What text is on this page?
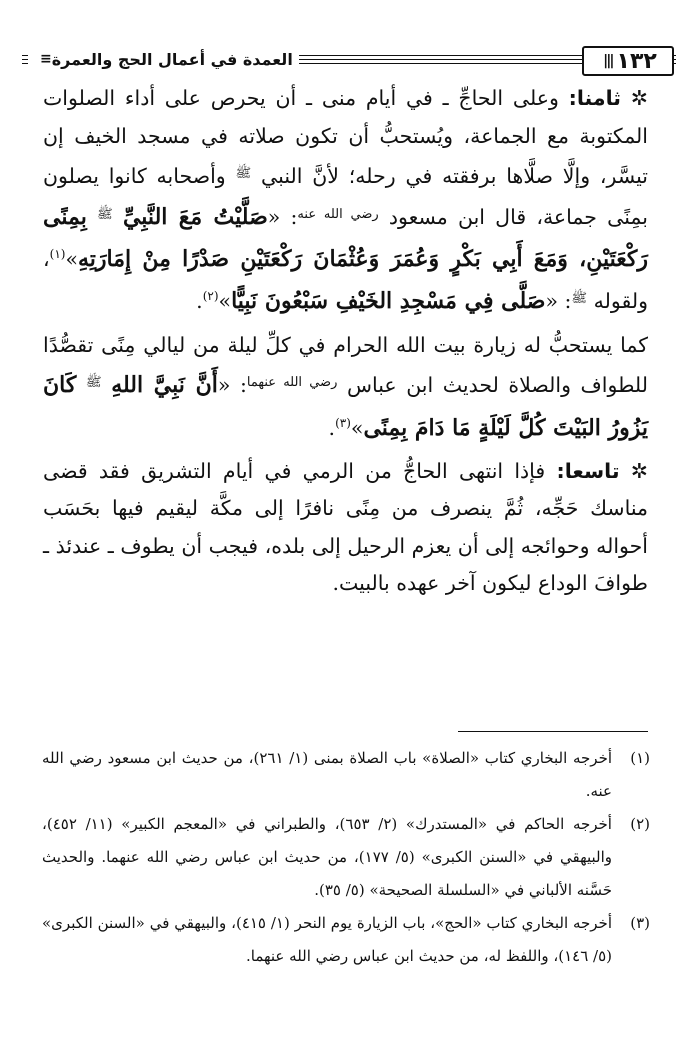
||| ١٣٢
العمدة في أعمال الحج والعمرة
≡

✲ ثامنا: وعلى الحاجِّ ـ في أيام منى ـ أن يحرص على أداء الصلوات المكتوبة مع الجماعة، ويُستحبُّ أن تكون صلاته في مسجد الخيف إن تيسَّر، وإلَّا صلَّاها برفقته في رحله؛ لأنَّ النبي $^ﷺ$ وأصحابه كانوا يصلون بمِنًى جماعة، قال ابن مسعود $^{رضي الله عنه}$: «صَلَّيْتُ مَعَ النَّبِيِّ $^ﷺ$ بِمِنًى رَكْعَتَيْنِ، وَمَعَ أَبِي بَكْرٍ وَعُمَرَ وَعُثْمَانَ رَكْعَتَيْنِ صَدْرًا مِنْ إِمَارَتِهِ»$^{(١)}$، ولقوله $^ﷺ$: «صَلَّى فِي مَسْجِدِ الخَيْفِ سَبْعُونَ نَبِيًّا»$^{(٢)}$.

كما يستحبُّ له زيارة بيت الله الحرام في كلِّ ليلة من ليالي مِنًى تقصُّدًا للطواف والصلاة لحديث ابن عباس $^{رضي الله عنهما}$: «أَنَّ نَبِيَّ اللهِ $^ﷺ$ كَانَ يَزُورُ البَيْتَ كُلَّ لَيْلَةٍ مَا دَامَ بِمِنًى»$^{(٣)}$.

✲ تاسعا: فإذا انتهى الحاجُّ من الرمي في أيام التشريق فقد قضى مناسك حَجِّه، ثُمَّ ينصرف من مِنًى نافرًا إلى مكَّة ليقيم فيها بحَسَب أحواله وحوائجه إلى أن يعزم الرحيل إلى بلده، فيجب أن يطوف ـ عندئذ ـ طوافَ الوداع ليكون آخر عهده بالبيت.

(١)
أخرجه البخاري كتاب «الصلاة» باب الصلاة بمنى (١/ ٢٦١)، من حديث ابن مسعود رضي الله عنه.
(٢)
أخرجه الحاكم في «المستدرك» (٢/ ٦٥٣)، والطبراني في «المعجم الكبير» (١١/ ٤٥٢)، والبيهقي في «السنن الكبرى» (٥/ ١٧٧)، من حديث ابن عباس رضي الله عنهما. والحديث حَسَّنه الألباني في «السلسلة الصحيحة» (٥/ ٣٥).
(٣)
أخرجه البخاري كتاب «الحج»، باب الزيارة يوم النحر (١/ ٤١٥)، والبيهقي في «السنن الكبرى» (٥/ ١٤٦)، واللفظ له، من حديث ابن عباس رضي الله عنهما.
